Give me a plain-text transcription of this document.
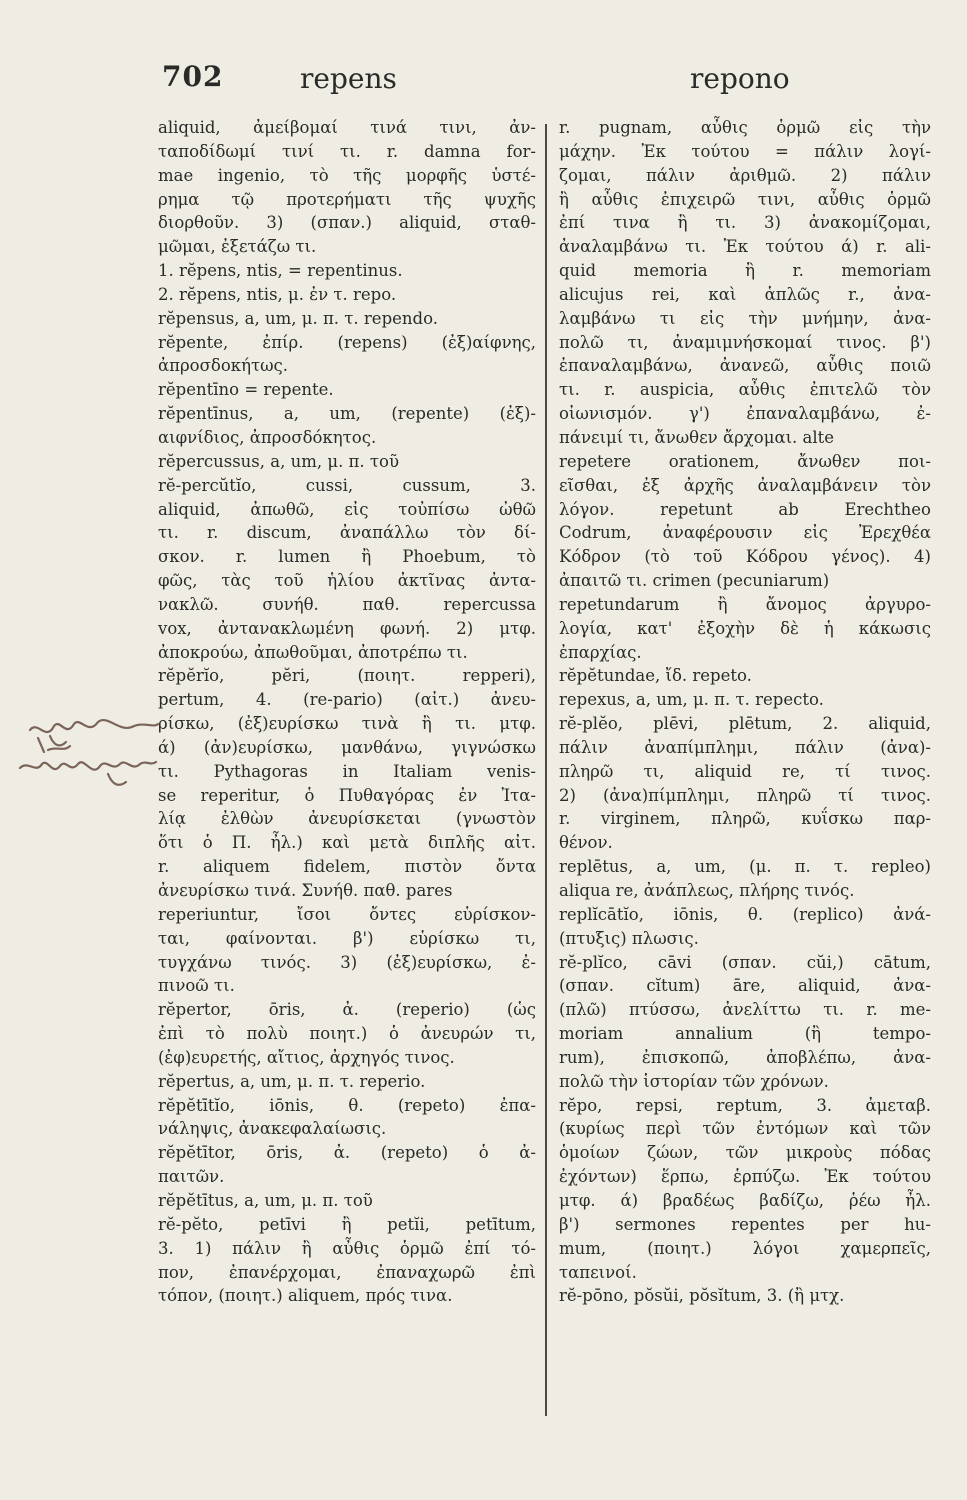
702	repens	repono
aliquid, ἀμείβομαί τινά τινι, ἀν-
ταποδίδωμί τινί τι. r. damna for-
mae ingenio, τὸ τῆς μορφῆς ὑστέ-
ρημα τῷ προτερήματι τῆς ψυχῆς
διορθοῦν. 3) (σπαν.) aliquid, σταθ-
μῶμαι, ἐξετάζω τι.
1. rĕpens, ntis, = repentinus.
2. rĕpens, ntis, μ. ἐν τ. repo.
rĕpensus, a, um, μ. π. τ. rependo.
rĕpente, ἐπίρ. (repens) (ἐξ)αίφνης,
ἀπροσδοκήτως.
rĕpentīno = repente.
rĕpentīnus, a, um, (repente) (ἐξ)-
αιφνίδιος, ἀπροσδόκητος.
rĕpercussus, a, um, μ. π. τοῦ
rĕ-percŭtĭo, cussi, cussum, 3.
aliquid, ἀπωθῶ, εἰς τοὐπίσω ὠθῶ
τι. r. discum, ἀναπάλλω τὸν δί-
σκον. r. lumen ἢ Phoebum, τὸ
φῶς, τὰς τοῦ ἡλίου ἀκτῖνας ἀντα-
νακλῶ. συνήθ. παθ. repercussa
vox, ἀντανακλωμένη φωνή. 2) μτφ.
ἀποκρούω, ἀπωθοῦμαι, ἀποτρέπω τι.
rĕpĕrĭo, pĕri, (ποιητ. repperi),
pertum, 4. (re-pario) (αἰτ.) ἀνευ-
ρίσκω, (ἐξ)ευρίσκω τινὰ ἢ τι. μτφ.
ά) (ἀν)ευρίσκω, μανθάνω, γιγνώσκω
τι. Pythagoras in Italiam venis-
se reperitur, ὁ Πυθαγόρας ἐν Ἰτα-
λίᾳ ἐλθὼν ἀνευρίσκεται (γνωστὸν
ὅτι ὁ Π. ἦλ.) καὶ μετὰ διπλῆς αἰτ.
r. aliquem fidelem, πιστὸν ὄντα
ἀνευρίσκω τινά. Συνήθ. παθ. pares
reperiuntur, ἴσοι ὄντες εὑρίσκον-
ται, φαίνονται. β') εὑρίσκω τι,
τυγχάνω τινός. 3) (ἐξ)ευρίσκω, ἐ-
πινοῶ τι.
rĕpertor, ōris, ἀ. (reperio) (ὡς
ἐπὶ τὸ πολὺ ποιητ.) ὁ ἀνευρών τι,
(ἐφ)ευρετής, αἴτιος, ἀρχηγός τινος.
rĕpertus, a, um, μ. π. τ. reperio.
rĕpĕtītĭo, iōnis, θ. (repeto) ἐπα-
νάληψις, ἀνακεφαλαίωσις.
rĕpĕtītor, ōris, ἀ. (repeto) ὁ ἀ-
παιτῶν.
rĕpĕtītus, a, um, μ. π. τοῦ
rĕ-pĕto, petīvi ἢ petĭi, petītum,
3. 1) πάλιν ἢ αὖθις ὁρμῶ ἐπί τό-
πον, ἐπανέρχομαι, ἐπαναχωρῶ ἐπὶ
τόπον, (ποιητ.) aliquem, πρός τινα.
r. pugnam, αὖθις ὁρμῶ εἰς τὴν
μάχην. Ἐκ τούτου = πάλιν λογί-
ζομαι, πάλιν ἀριθμῶ. 2) πάλιν
ἢ αὖθις ἐπιχειρῶ τινι, αὖθις ὁρμῶ
ἐπί τινα ἢ τι. 3) ἀνακομίζομαι,
ἀναλαμβάνω τι. Ἐκ τούτου ά) r. ali-
quid memoria ἢ r. memoriam
alicujus rei, καὶ ἁπλῶς r., ἀνα-
λαμβάνω τι εἰς τὴν μνήμην, ἀνα-
πολῶ τι, ἀναμιμνήσκομαί τινος. β')
ἐπαναλαμβάνω, ἀνανεῶ, αὖθις ποιῶ
τι. r. auspicia, αὖθις ἐπιτελῶ τὸν
οἰωνισμόν. γ') ἐπαναλαμβάνω, ἐ-
πάνειμί τι, ἄνωθεν ἄρχομαι. alte
repetere orationem, ἄνωθεν ποι-
εῖσθαι, ἐξ ἀρχῆς ἀναλαμβάνειν τὸν
λόγον. repetunt ab Erechtheo
Codrum, ἀναφέρουσιν εἰς Ἐρεχθέα
Κόδρον (τὸ τοῦ Κόδρου γένος). 4)
ἀπαιτῶ τι. crimen (pecuniarum)
repetundarum ἢ ἄνομος ἀργυρο-
λογία, κατ' ἐξοχὴν δὲ ἡ κάκωσις
ἐπαρχίας.
rĕpĕtundae, ἴδ. repeto.
repexus, a, um, μ. π. τ. repecto.
rĕ-plĕo, plēvi, plētum, 2. aliquid,
πάλιν ἀναπίμπλημι, πάλιν (ἀνα)-
πληρῶ τι, aliquid re, τί τινος.
2) (ἀνα)πίμπλημι, πληρῶ τί τινος.
r. virginem, πληρῶ, κυΐσκω παρ-
θένον.
replētus, a, um, (μ. π. τ. repleo)
aliqua re, ἀνάπλεως, πλήρης τινός.
replĭcātĭo, iōnis, θ. (replico) ἀνά-
(πτυξις) πλωσις.
rĕ-plĭco, cāvi (σπαν. cŭi,) cātum,
(σπαν. cĭtum) āre, aliquid, ἀνα-
(πλῶ) πτύσσω, ἀνελίττω τι. r. me-
moriam annalium (ἢ tempo-
rum), ἐπισκοπῶ, ἀποβλέπω, ἀνα-
πολῶ τὴν ἱστορίαν τῶν χρόνων.
rĕpo, repsi, reptum, 3. ἀμεταβ.
(κυρίως περὶ τῶν ἐντόμων καὶ τῶν
ὁμοίων ζώων, τῶν μικροὺς πόδας
ἐχόντων) ἕρπω, ἑρπύζω. Ἐκ τούτου
μτφ. ά) βραδέως βαδίζω, ῥέω ἦλ.
β') sermones repentes per hu-
mum, (ποιητ.) λόγοι χαμερπεῖς,
ταπεινοί.
rĕ-pōno, pŏsŭi, pŏsĭtum, 3. (ἢ μτχ.
